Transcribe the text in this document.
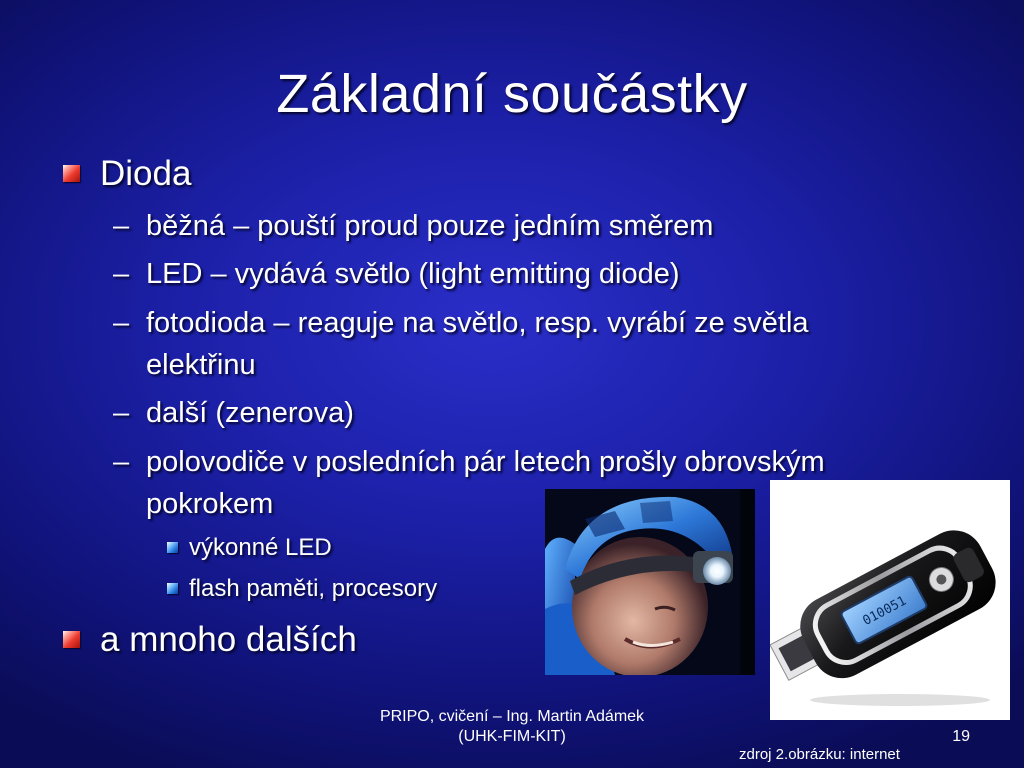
Základní součástky
Dioda
– běžná – pouští proud pouze jedním směrem
– LED – vydává světlo (light emitting diode)
– fotodioda – reaguje na světlo, resp. vyrábí ze světla
elektřinu
– další (zenerova)
– polovodiče v posledních pár letech prošly obrovským
pokrokem
výkonné LED
flash paměti, procesory
a mnoho dalších
010051
PRIPO, cvičení – Ing. Martin Adámek
(UHK-FIM-KIT)	19
zdroj 2.obrázku: internet
